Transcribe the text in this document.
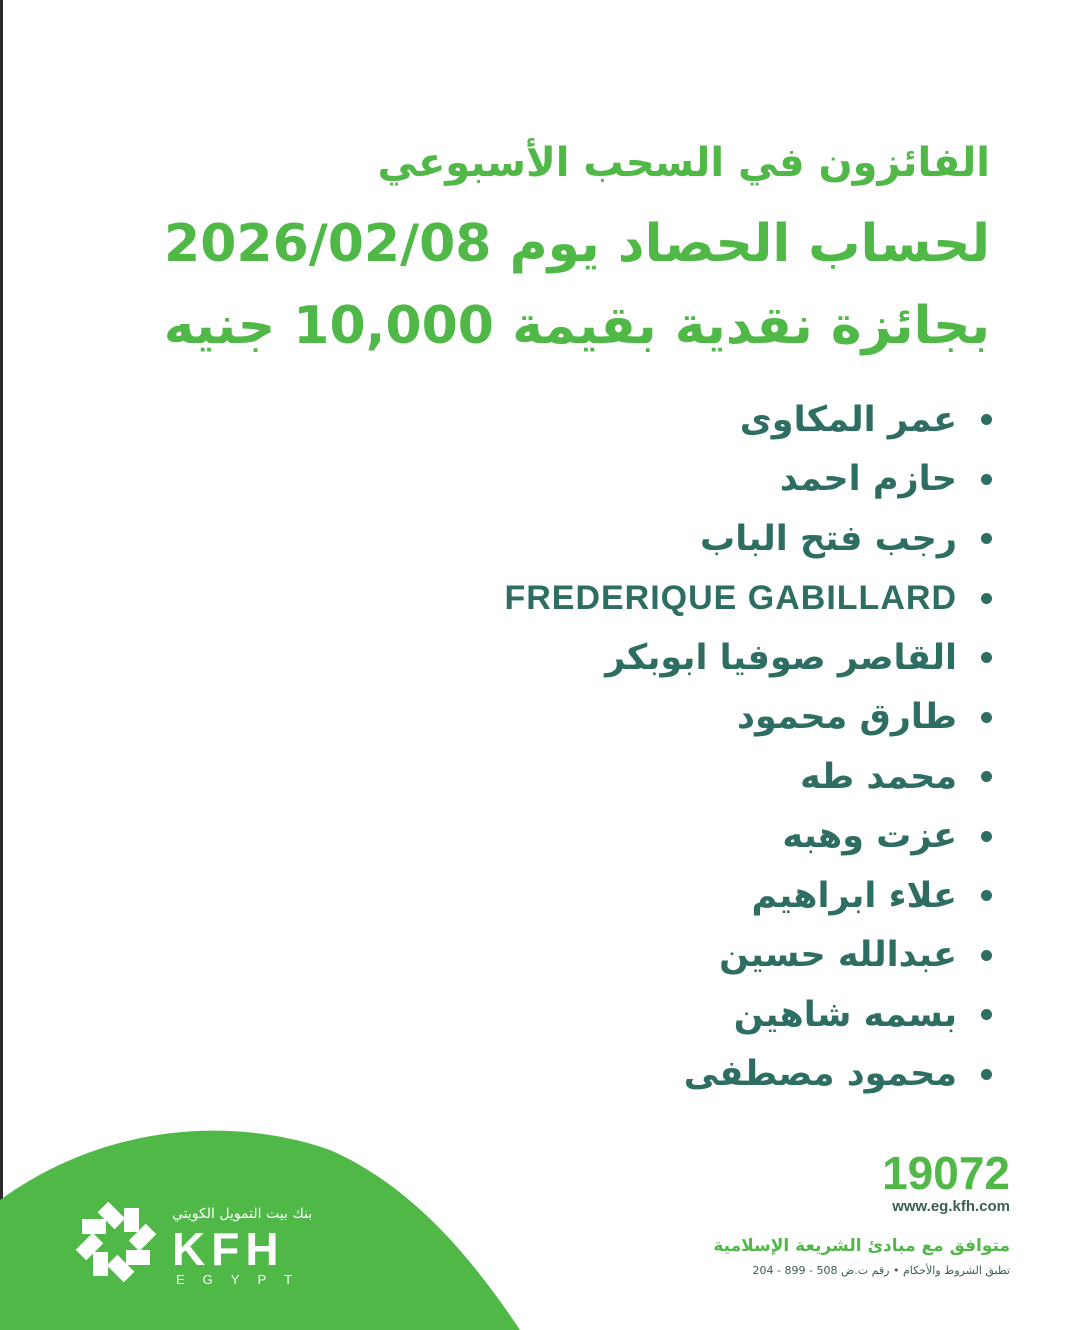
الفائزون في السحب الأسبوعي
لحساب الحصاد يوم 2026/02/08
بجائزة نقدية بقيمة 10,000 جنيه
عمر المكاوى
حازم احمد
رجب فتح الباب
FREDERIQUE GABILLARD
القاصر صوفيا ابوبكر
طارق محمود
محمد طه
عزت وهبه
علاء ابراهيم
عبدالله حسين
بسمه شاهين
محمود مصطفى
بنك بيت التمويل الكويتي
KFH
EGYPT
19072
www.eg.kfh.com
متوافق مع مبادئ الشريعة الإسلامية
تطبق الشروط والأحكام • رقم ت.ض 508 - 899 - 204
